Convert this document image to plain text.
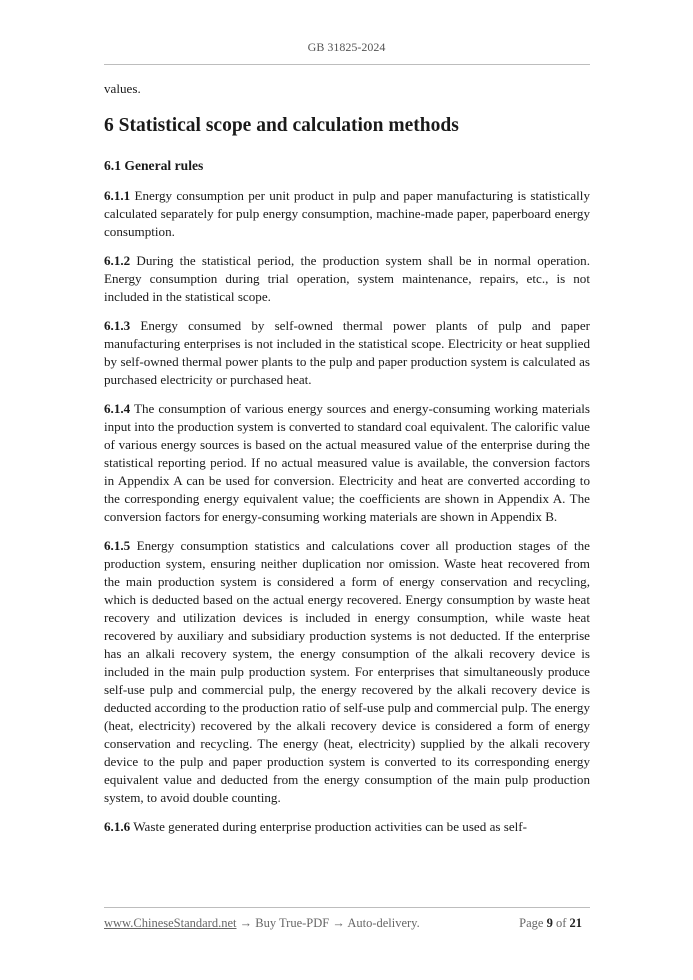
GB 31825-2024

values.

6 Statistical scope and calculation methods
6.1 General rules

6.1.1 Energy consumption per unit product in pulp and paper manufacturing is statistically calculated separately for pulp energy consumption, machine-made paper, paperboard energy consumption.

6.1.2 During the statistical period, the production system shall be in normal operation. Energy consumption during trial operation, system maintenance, repairs, etc., is not included in the statistical scope.

6.1.3 Energy consumed by self-owned thermal power plants of pulp and paper manufacturing enterprises is not included in the statistical scope. Electricity or heat supplied by self-owned thermal power plants to the pulp and paper production system is calculated as purchased electricity or purchased heat.

6.1.4 The consumption of various energy sources and energy-consuming working materials input into the production system is converted to standard coal equivalent. The calorific value of various energy sources is based on the actual measured value of the enterprise during the statistical reporting period. If no actual measured value is available, the conversion factors in Appendix A can be used for conversion. Electricity and heat are converted according to the corresponding energy equivalent value; the coefficients are shown in Appendix A. The conversion factors for energy-consuming working materials are shown in Appendix B.

6.1.5 Energy consumption statistics and calculations cover all production stages of the production system, ensuring neither duplication nor omission. Waste heat recovered from the main production system is considered a form of energy conservation and recycling, which is deducted based on the actual energy recovered. Energy consumption by waste heat recovery and utilization devices is included in energy consumption, while waste heat recovered by auxiliary and subsidiary production systems is not deducted. If the enterprise has an alkali recovery system, the energy consumption of the alkali recovery device is included in the main pulp production system. For enterprises that simultaneously produce self-use pulp and commercial pulp, the energy recovered by the alkali recovery device is deducted according to the production ratio of self-use pulp and commercial pulp. The energy (heat, electricity) recovered by the alkali recovery device is considered a form of energy conservation and recycling. The energy (heat, electricity) supplied by the alkali recovery device to the pulp and paper production system is converted to its corresponding energy equivalent value and deducted from the energy consumption of the main pulp production system, to avoid double counting.

6.1.6 Waste generated during enterprise production activities can be used as self-

www.ChineseStandard.net → Buy True-PDF → Auto-delivery.	Page 9 of 21
